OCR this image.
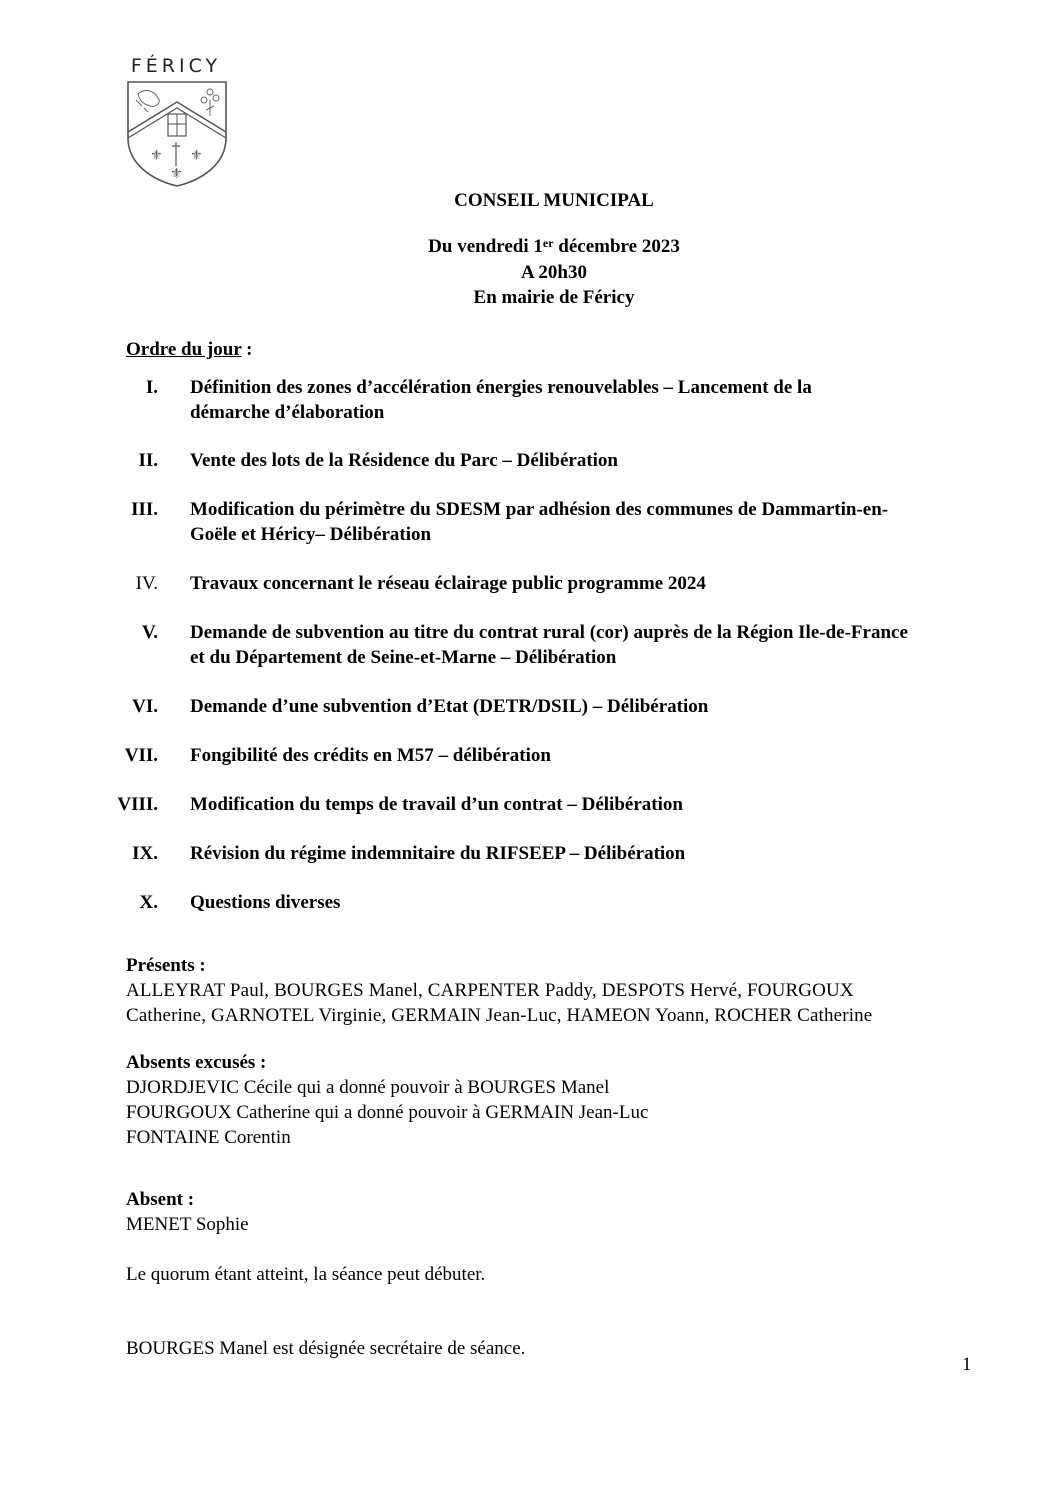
FÉRICY
⚜ ⚜
⚜
CONSEIL MUNICIPAL
Du vendredi 1er décembre 2023
A 20h30
En mairie de Féricy
Ordre du jour :
I. Définition des zones d’accélération énergies renouvelables – Lancement de la
démarche d’élaboration
II. Vente des lots de la Résidence du Parc – Délibération
III. Modification du périmètre du SDESM par adhésion des communes de Dammartin-en-
Goële et Héricy– Délibération
IV. Travaux concernant le réseau éclairage public programme 2024
V. Demande de subvention au titre du contrat rural (cor) auprès de la Région Ile-de-France
et du Département de Seine-et-Marne – Délibération
VI. Demande d’une subvention d’Etat (DETR/DSIL) – Délibération
VII. Fongibilité des crédits en M57 – délibération
VIII. Modification du temps de travail d’un contrat – Délibération
IX. Révision du régime indemnitaire du RIFSEEP – Délibération
X. Questions diverses
Présents :
ALLEYRAT Paul, BOURGES Manel, CARPENTER Paddy, DESPOTS Hervé, FOURGOUX
Catherine, GARNOTEL Virginie, GERMAIN Jean-Luc, HAMEON Yoann, ROCHER Catherine
Absents excusés :
DJORDJEVIC Cécile qui a donné pouvoir à BOURGES Manel
FOURGOUX Catherine qui a donné pouvoir à GERMAIN Jean-Luc
FONTAINE Corentin
Absent :
MENET Sophie
Le quorum étant atteint, la séance peut débuter.
BOURGES Manel est désignée secrétaire de séance.
1
